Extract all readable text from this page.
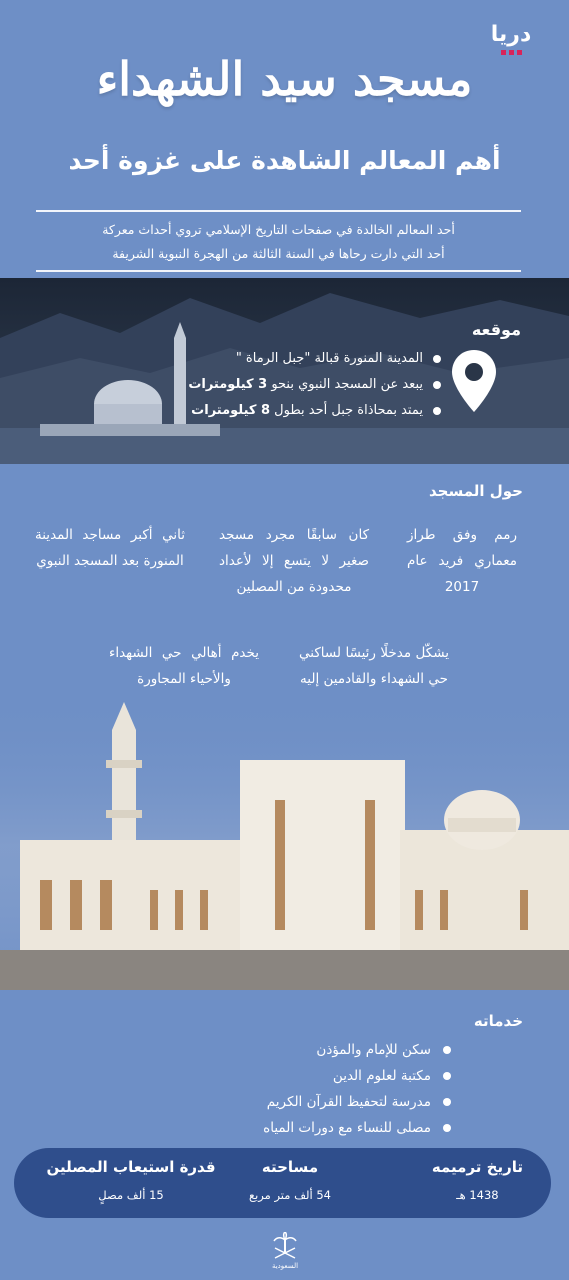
دريا
مسجد سيد الشهداء
أهم المعالم الشاهدة على غزوة أحد
أحد المعالم الخالدة في صفحات التاريخ الإسلامي تروي أحداث معركة
أحد التي دارت رحاها في السنة الثالثة من الهجرة النبوية الشريفة
موقعه
المدينة المنورة قبالة "جبل الرماة "
يبعد عن المسجد النبوي بنحو 3 كيلومترات
يمتد بمحاذاة جبل أحد بطول 8 كيلومترات
حول المسجد
رمم وفق طراز معماري فريد عام 2017
كان سابقًا مجرد مسجد صغير لا يتسع إلا لأعداد محدودة من المصلين
ثاني أكبر مساجد المدينة المنورة بعد المسجد النبوي
يشكّل مدخلًا رئيسًا لساكني حي الشهداء والقادمين إليه
يخدم أهالي حي الشهداء والأحياء المجاورة
خدماته
سكن للإمام والمؤذن
مكتبة لعلوم الدين
مدرسة لتحفيظ القرآن الكريم
مصلى للنساء مع دورات المياه
تاريخ ترميمه
1438 هـ
مساحته
54 ألف متر مربع
قدرة استيعاب المصلين
15 ألف مصلٍ
السعودية
